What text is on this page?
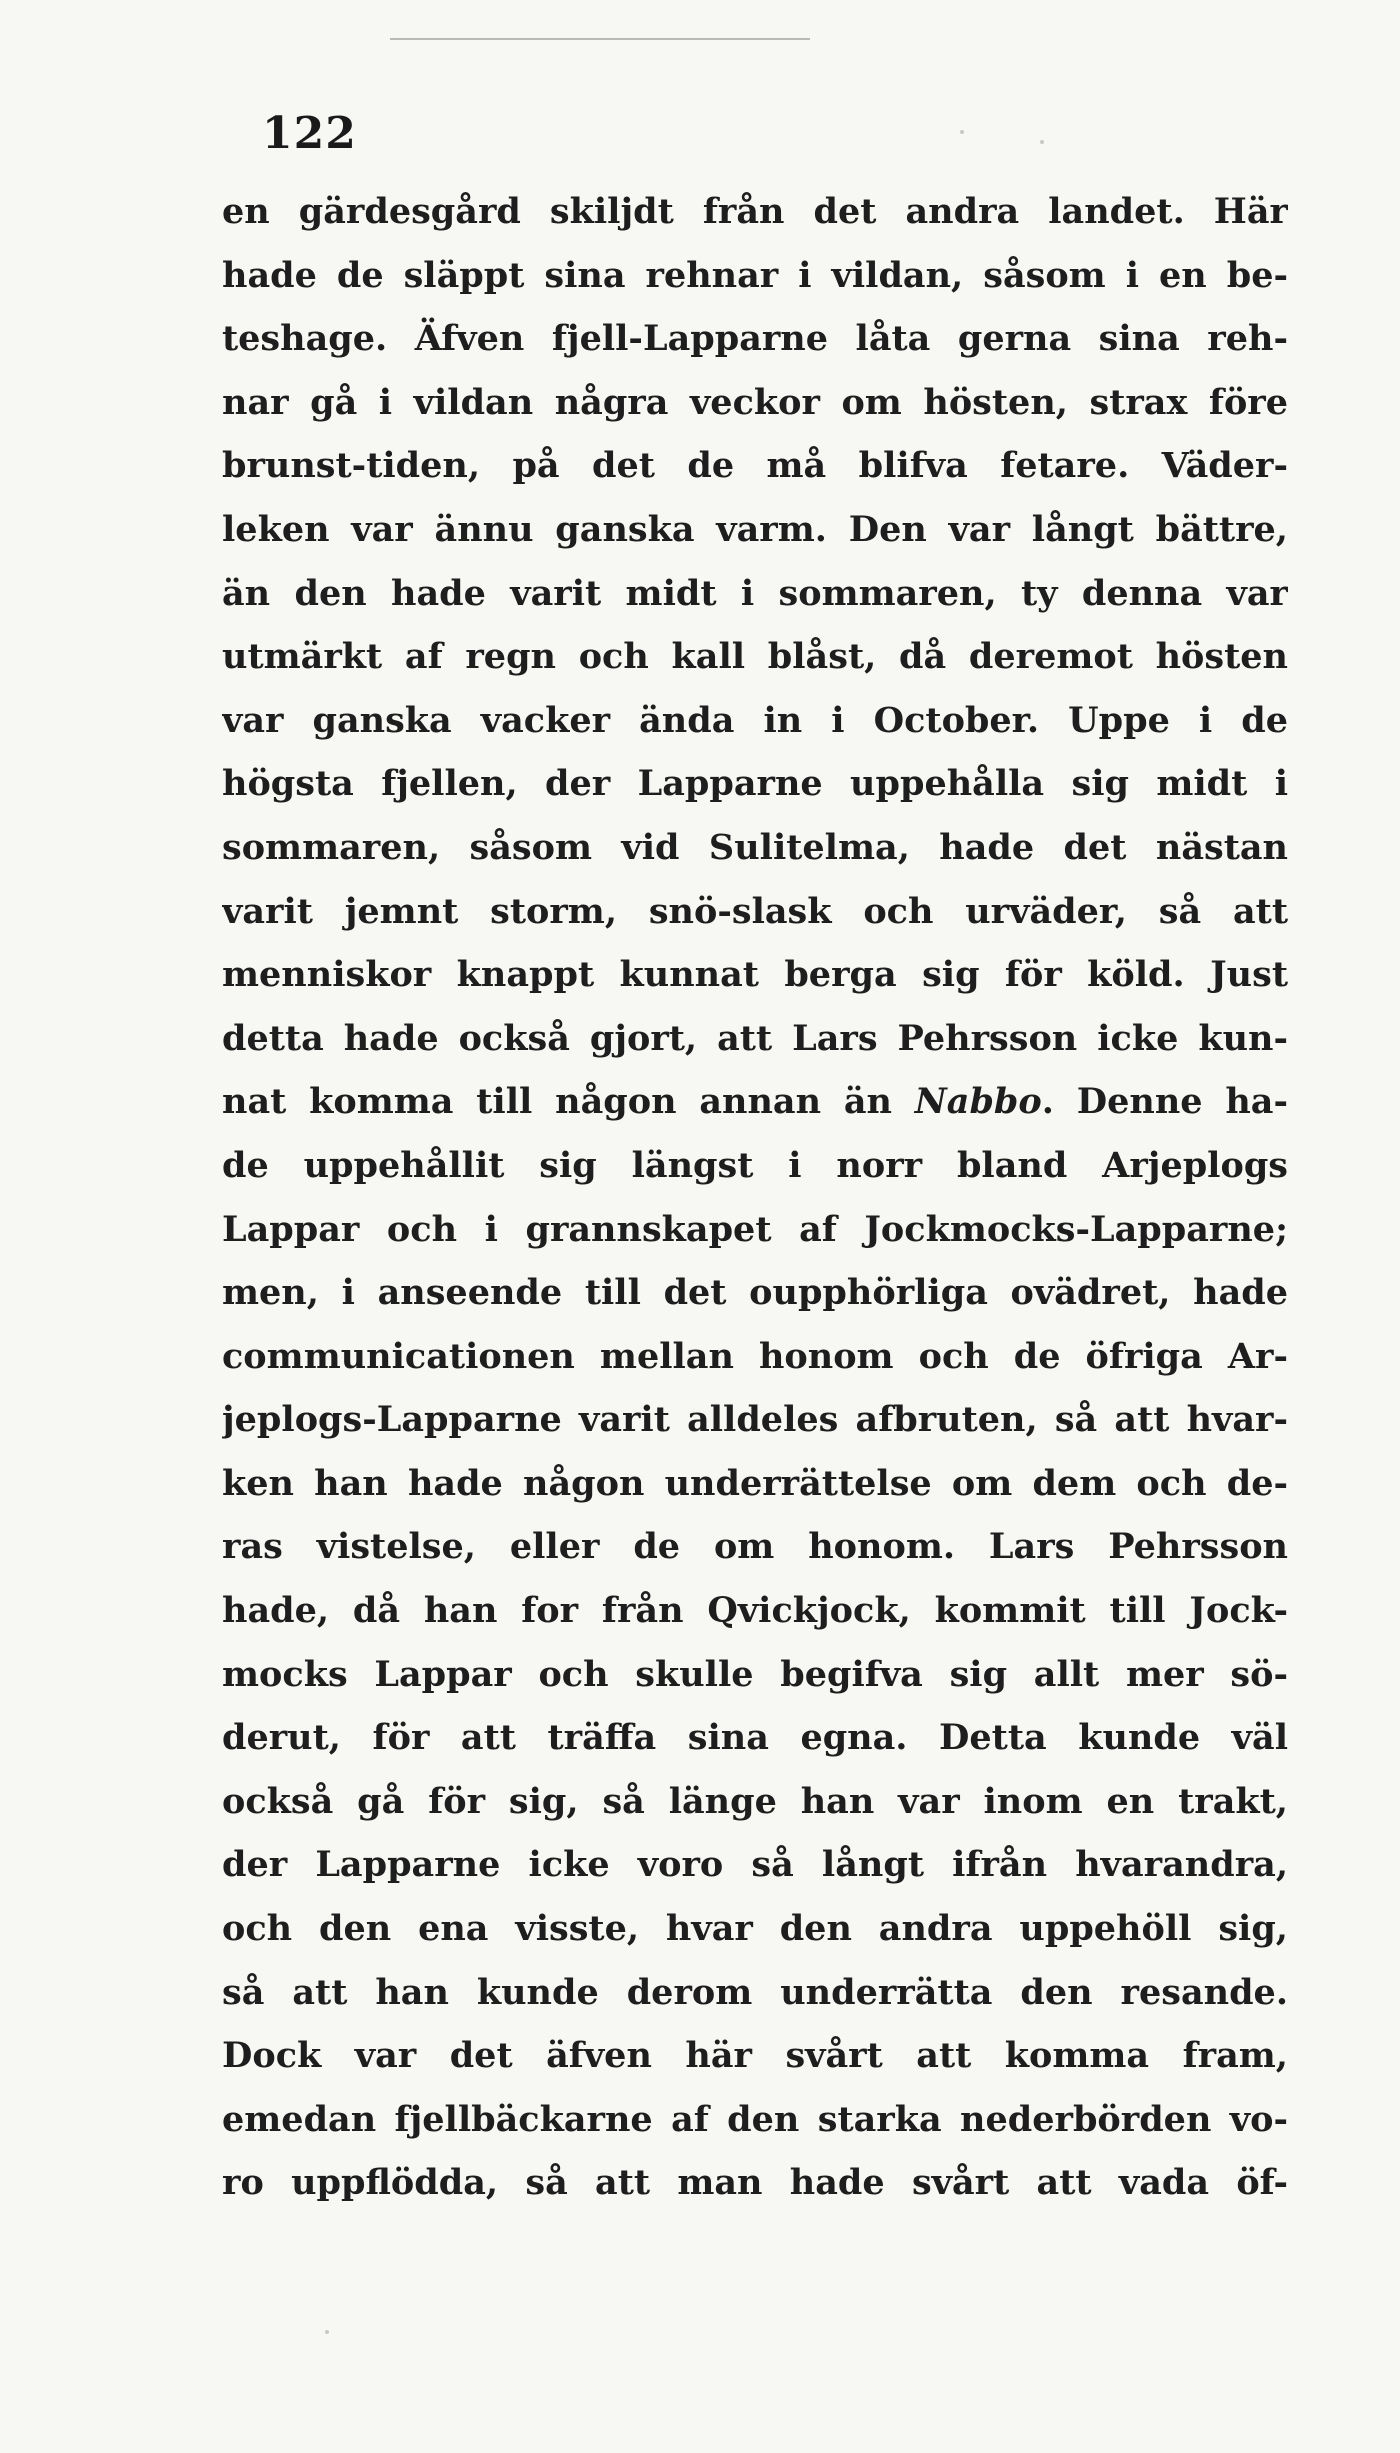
122
en gärdesgård skiljdt från det andra landet. Här
hade de släppt sina rehnar i vildan, såsom i en be-
teshage. Äfven fjell-Lapparne låta gerna sina reh-
nar gå i vildan några veckor om hösten, strax före
brunst-tiden, på det de må blifva fetare. Väder-
leken var ännu ganska varm. Den var långt bättre,
än den hade varit midt i sommaren, ty denna var
utmärkt af regn och kall blåst, då deremot hösten
var ganska vacker ända in i October. Uppe i de
högsta fjellen, der Lapparne uppehålla sig midt i
sommaren, såsom vid Sulitelma, hade det nästan
varit jemnt storm, snö-slask och urväder, så att
menniskor knappt kunnat berga sig för köld. Just
detta hade också gjort, att Lars Pehrsson icke kun-
nat komma till någon annan än Nabbo. Denne ha-
de uppehållit sig längst i norr bland Arjeplogs
Lappar och i grannskapet af Jockmocks-Lapparne;
men, i anseende till det oupphörliga ovädret, hade
communicationen mellan honom och de öfriga Ar-
jeplogs-Lapparne varit alldeles afbruten, så att hvar-
ken han hade någon underrättelse om dem och de-
ras vistelse, eller de om honom. Lars Pehrsson
hade, då han for från Qvickjock, kommit till Jock-
mocks Lappar och skulle begifva sig allt mer sö-
derut, för att träffa sina egna. Detta kunde väl
också gå för sig, så länge han var inom en trakt,
der Lapparne icke voro så långt ifrån hvarandra,
och den ena visste, hvar den andra uppehöll sig,
så att han kunde derom underrätta den resande.
Dock var det äfven här svårt att komma fram,
emedan fjellbäckarne af den starka nederbörden vo-
ro uppflödda, så att man hade svårt att vada öf-
